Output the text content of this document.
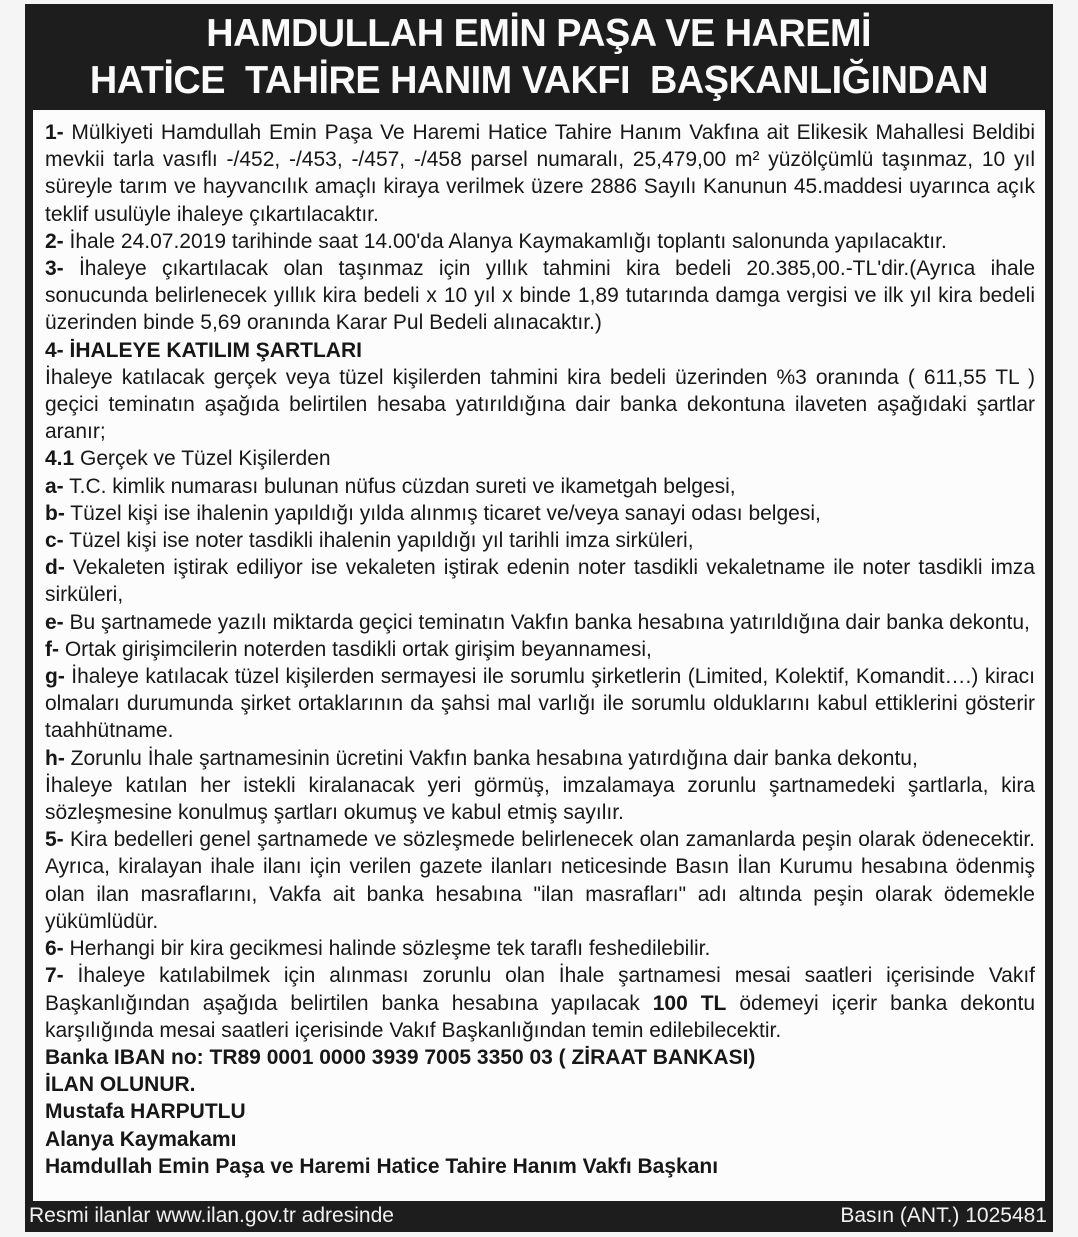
HAMDULLAH EMİN PAŞA VE HAREMİ
HATİCE  TAHİRE HANIM VAKFI  BAŞKANLIĞINDAN

1- Mülkiyeti Hamdullah Emin Paşa Ve Haremi Hatice Tahire Hanım Vakfına ait Elikesik Mahallesi Beldibi mevkii tarla vasıflı -/452, -/453, -/457, -/458 parsel numaralı, 25,479,00 m² yüzölçümlü taşınmaz, 10 yıl süreyle tarım ve hayvancılık amaçlı kiraya verilmek üzere 2886 Sayılı Kanunun 45.maddesi uyarınca açık teklif usulüyle ihaleye çıkartılacaktır.

2- İhale 24.07.2019 tarihinde saat 14.00'da Alanya Kaymakamlığı toplantı salonunda yapılacaktır.

3- İhaleye çıkartılacak olan taşınmaz için yıllık tahmini kira bedeli 20.385,00.-TL'dir.(Ayrıca ihale sonucunda belirlenecek yıllık kira bedeli x 10 yıl x binde 1,89 tutarında damga vergisi ve ilk yıl kira bedeli üzerinden binde 5,69 oranında Karar Pul Bedeli alınacaktır.)

4- İHALEYE KATILIM ŞARTLARI

İhaleye katılacak gerçek veya tüzel kişilerden tahmini kira bedeli üzerinden %3 oranında ( 611,55 TL ) geçici teminatın aşağıda belirtilen hesaba yatırıldığına dair banka dekontuna ilaveten aşağıdaki şartlar aranır;

4.1 Gerçek ve Tüzel Kişilerden

a- T.C. kimlik numarası bulunan nüfus cüzdan sureti ve ikametgah belgesi,

b- Tüzel kişi ise ihalenin yapıldığı yılda alınmış ticaret ve/veya sanayi odası belgesi,

c- Tüzel kişi ise noter tasdikli ihalenin yapıldığı yıl tarihli imza sirküleri,

d- Vekaleten iştirak ediliyor ise vekaleten iştirak edenin noter tasdikli vekaletname ile noter tasdikli imza sirküleri,

e- Bu şartnamede yazılı miktarda geçici teminatın Vakfın banka hesabına yatırıldığına dair banka dekontu,

f- Ortak girişimcilerin noterden tasdikli ortak girişim beyannamesi,

g- İhaleye katılacak tüzel kişilerden sermayesi ile sorumlu şirketlerin (Limited, Kolektif, Komandit….) kiracı olmaları durumunda şirket ortaklarının da şahsi mal varlığı ile sorumlu olduklarını kabul ettiklerini gösterir taahhütname.

h- Zorunlu İhale şartnamesinin ücretini Vakfın banka hesabına yatırdığına dair banka dekontu,

İhaleye katılan her istekli kiralanacak yeri görmüş, imzalamaya zorunlu şartnamedeki şartlarla, kira sözleşmesine konulmuş şartları okumuş ve kabul etmiş sayılır.

5- Kira bedelleri genel şartnamede ve sözleşmede belirlenecek olan zamanlarda peşin olarak ödenecektir. Ayrıca, kiralayan ihale ilanı için verilen gazete ilanları neticesinde Basın İlan Kurumu hesabına ödenmiş olan ilan masraflarını, Vakfa ait banka hesabına "ilan masrafları" adı altında peşin olarak ödemekle yükümlüdür.

6- Herhangi bir kira gecikmesi halinde sözleşme tek taraflı feshedilebilir.

7- İhaleye katılabilmek için alınması zorunlu olan İhale şartnamesi mesai saatleri içerisinde Vakıf Başkanlığından aşağıda belirtilen banka hesabına yapılacak 100 TL ödemeyi içerir banka dekontu karşılığında mesai saatleri içerisinde Vakıf Başkanlığından temin edilebilecektir.

Banka IBAN no: TR89 0001 0000 3939 7005 3350 03 ( ZİRAAT BANKASI)

İLAN OLUNUR.

Mustafa HARPUTLU

Alanya Kaymakamı

Hamdullah Emin Paşa ve Haremi Hatice Tahire Hanım Vakfı Başkanı

Resmi ilanlar www.ilan.gov.tr adresinde	Basın (ANT.) 1025481
